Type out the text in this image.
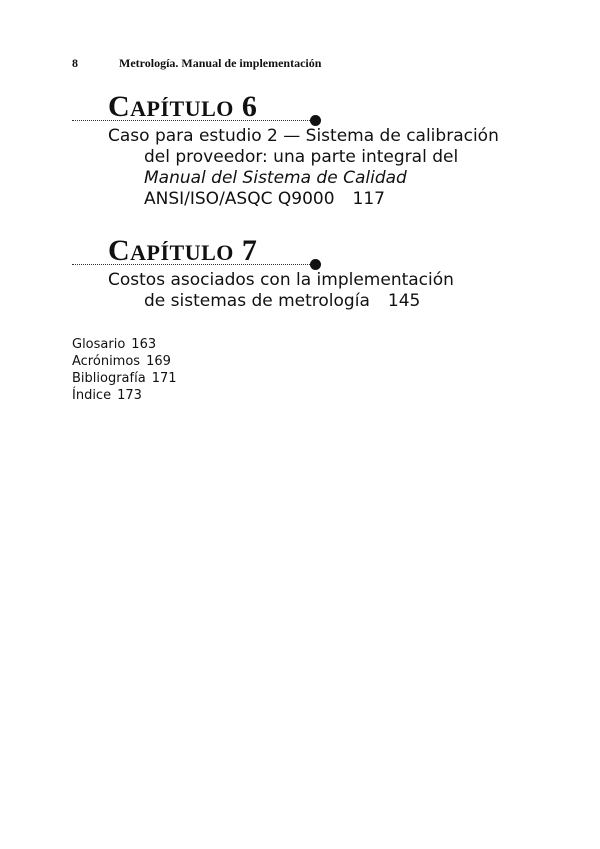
8	Metrología. Manual de implementación
CAPÍTULO 6
Caso para estudio 2 — Sistema de calibración
del proveedor: una parte integral del
Manual del Sistema de Calidad
ANSI/ISO/ASQC Q9000 117
CAPÍTULO 7
Costos asociados con la implementación
de sistemas de metrología 145
Glosario 163
Acrónimos 169
Bibliografía 171
Índice 173
